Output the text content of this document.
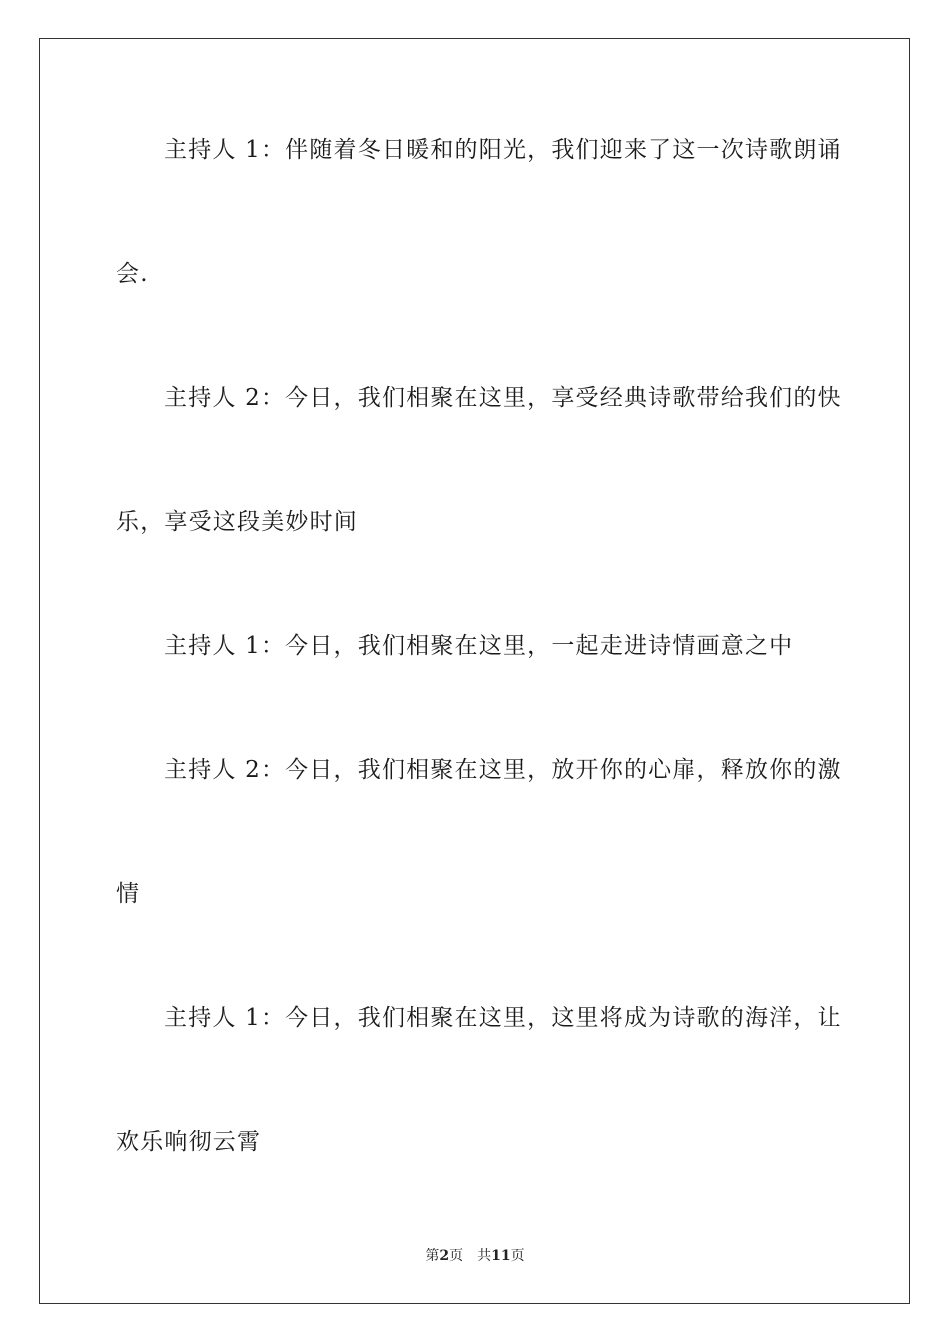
主持人 1：伴随着冬日暖和的阳光，我们迎来了这一次诗歌朗诵
会.
主持人 2：今日，我们相聚在这里，享受经典诗歌带给我们的快
乐，享受这段美妙时间
主持人 1：今日，我们相聚在这里，一起走进诗情画意之中
主持人 2：今日，我们相聚在这里，放开你的心扉，释放你的激
情
主持人 1：今日，我们相聚在这里，这里将成为诗歌的海洋，让
欢乐响彻云霄
第2页 共11页
